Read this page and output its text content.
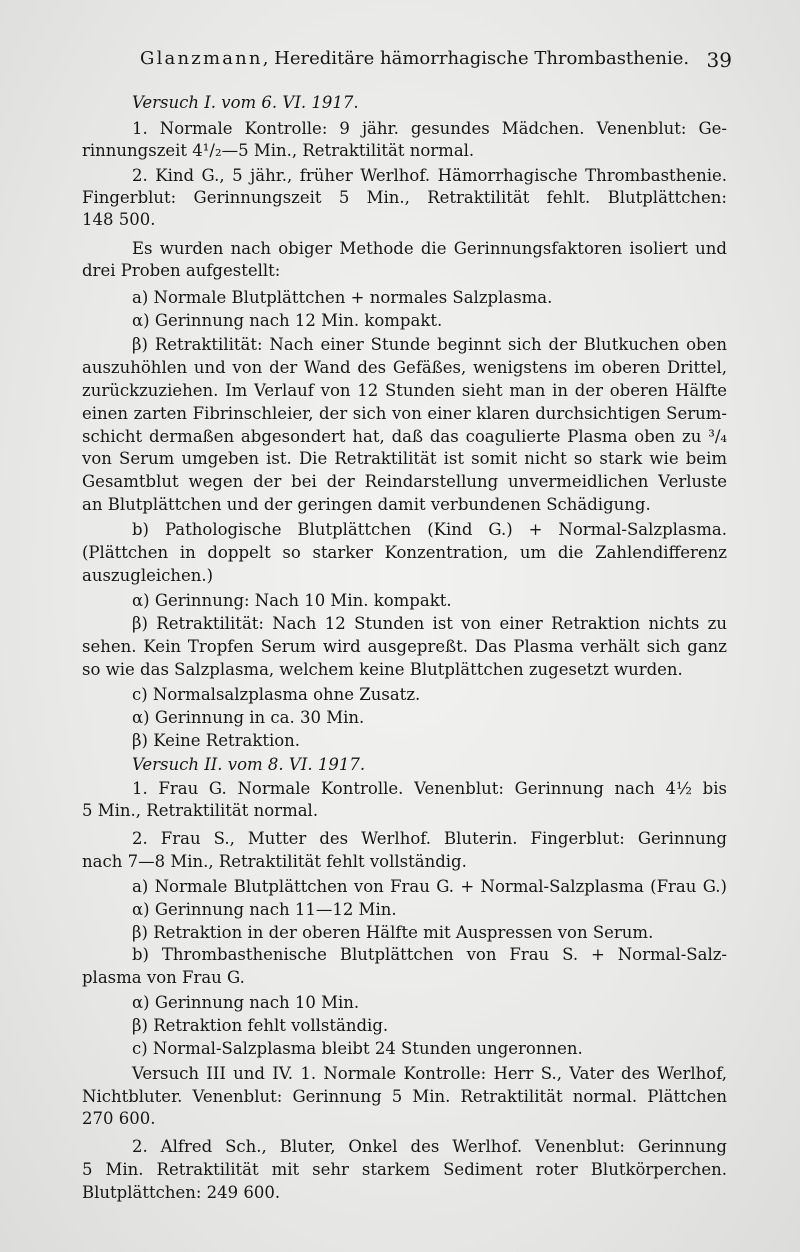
Glanzmann, Hereditäre hämorrhagische Thrombasthenie. 39
Versuch I. vom 6. VI. 1917.
1. Normale Kontrolle: 9 jähr. gesundes Mädchen. Venenblut: Ge-
rinnungszeit 4¹/₂—5 Min., Retraktilität normal.
2. Kind G., 5 jähr., früher Werlhof. Hämorrhagische Thrombasthenie.
Fingerblut: Gerinnungszeit 5 Min., Retraktilität fehlt. Blutplättchen:
148 500.
Es wurden nach obiger Methode die Gerinnungsfaktoren isoliert und
drei Proben aufgestellt:
a) Normale Blutplättchen + normales Salzplasma.
α) Gerinnung nach 12 Min. kompakt.
β) Retraktilität: Nach einer Stunde beginnt sich der Blutkuchen oben
auszuhöhlen und von der Wand des Gefäßes, wenigstens im oberen Drittel,
zurückzuziehen. Im Verlauf von 12 Stunden sieht man in der oberen Hälfte
einen zarten Fibrinschleier, der sich von einer klaren durchsichtigen Serum-
schicht dermaßen abgesondert hat, daß das coagulierte Plasma oben zu ³/₄
von Serum umgeben ist. Die Retraktilität ist somit nicht so stark wie beim
Gesamtblut wegen der bei der Reindarstellung unvermeidlichen Verluste
an Blutplättchen und der geringen damit verbundenen Schädigung.
b) Pathologische Blutplättchen (Kind G.) + Normal-Salzplasma.
(Plättchen in doppelt so starker Konzentration, um die Zahlendifferenz
auszugleichen.)
α) Gerinnung: Nach 10 Min. kompakt.
β) Retraktilität: Nach 12 Stunden ist von einer Retraktion nichts zu
sehen. Kein Tropfen Serum wird ausgepreßt. Das Plasma verhält sich ganz
so wie das Salzplasma, welchem keine Blutplättchen zugesetzt wurden.
c) Normalsalzplasma ohne Zusatz.
α) Gerinnung in ca. 30 Min.
β) Keine Retraktion.
Versuch II. vom 8. VI. 1917.
1. Frau G. Normale Kontrolle. Venenblut: Gerinnung nach 4½ bis
5 Min., Retraktilität normal.
2. Frau S., Mutter des Werlhof. Bluterin. Fingerblut: Gerinnung
nach 7—8 Min., Retraktilität fehlt vollständig.
a) Normale Blutplättchen von Frau G. + Normal-Salzplasma (Frau G.)
α) Gerinnung nach 11—12 Min.
β) Retraktion in der oberen Hälfte mit Auspressen von Serum.
b) Thrombasthenische Blutplättchen von Frau S. + Normal-Salz-
plasma von Frau G.
α) Gerinnung nach 10 Min.
β) Retraktion fehlt vollständig.
c) Normal-Salzplasma bleibt 24 Stunden ungeronnen.
Versuch III und IV. 1. Normale Kontrolle: Herr S., Vater des Werlhof,
Nichtbluter. Venenblut: Gerinnung 5 Min. Retraktilität normal. Plättchen
270 600.
2. Alfred Sch., Bluter, Onkel des Werlhof. Venenblut: Gerinnung
5 Min. Retraktilität mit sehr starkem Sediment roter Blutkörperchen.
Blutplättchen: 249 600.
